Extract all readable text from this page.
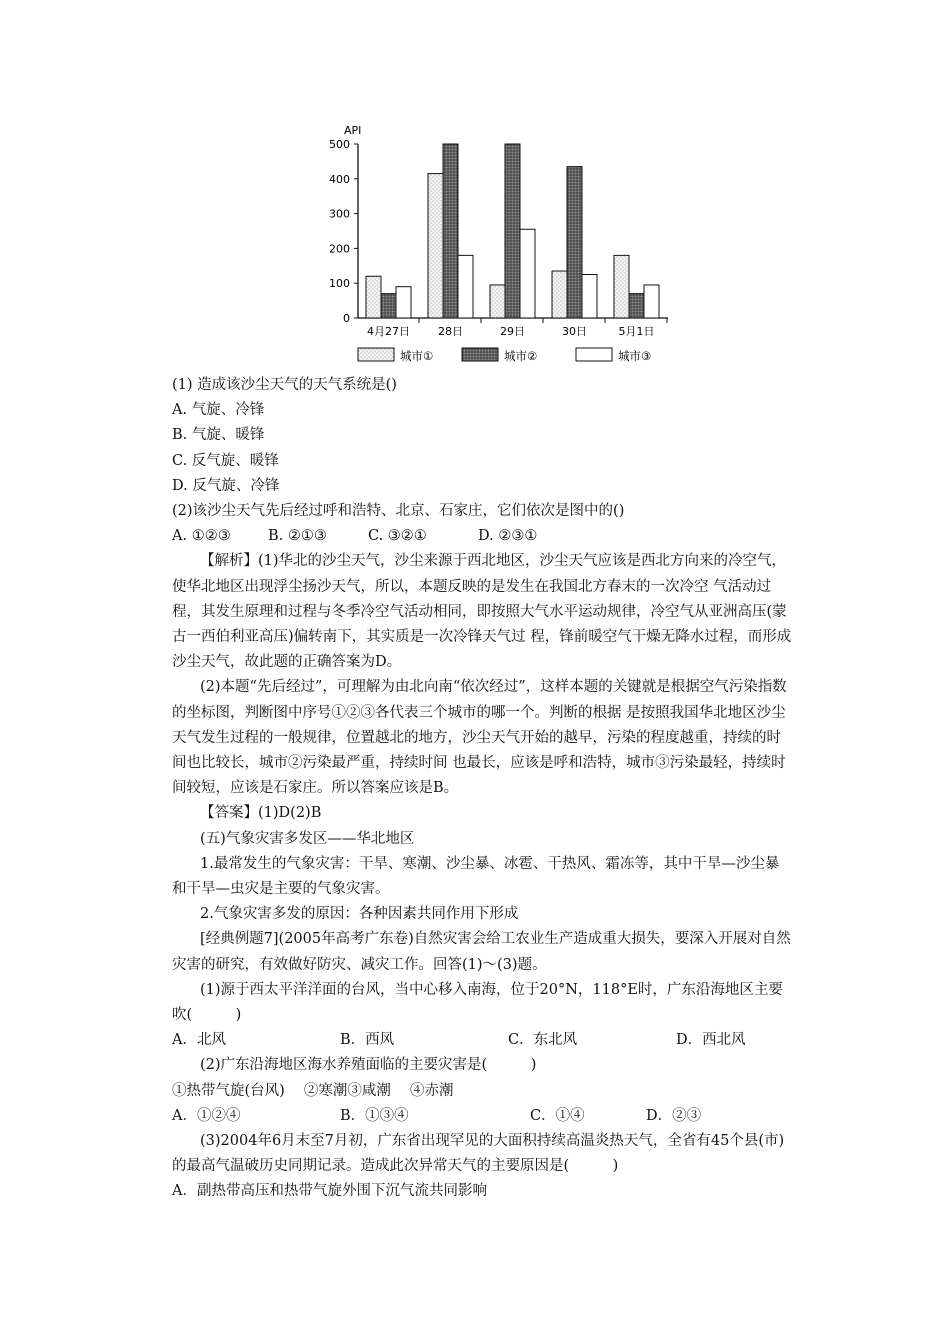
API
0
100
200
300
400
500
4月27日	28日	29日	30日	5月1日
城市①	城市②	城市③
(1) 造成该沙尘天气的天气系统是()
A. 气旋、冷锋
B. 气旋、暖锋
C. 反气旋、暖锋
D. 反气旋、冷锋
(2)该沙尘天气先后经过呼和浩特、北京、石家庄，它们依次是图中的()
A. ①②③	B. ②①③	C. ③②①	D. ②③①
【解析】(1)华北的沙尘天气，沙尘来源于西北地区，沙尘天气应该是西北方向来的冷空气，使华北地区出现浮尘扬沙天气，所以，本题反映的是发生在我国北方春末的一次冷空 气活动过程，其发生原理和过程与冬季冷空气活动相同，即按照大气水平运动规律，冷空气从亚洲高压(蒙古一西伯利亚高压)偏转南下，其实质是一次冷锋天气过 程，锋前暖空气干燥无降水过程，而形成沙尘天气，故此题的正确答案为D。
(2)本题“先后经过”，可理解为由北向南“依次经过”，这样本题的关键就是根据空气污染指数的坐标图，判断图中序号①②③各代表三个城市的哪一个。判断的根据 是按照我国华北地区沙尘天气发生过程的一般规律，位置越北的地方，沙尘天气开始的越早，污染的程度越重，持续的时间也比较长，城市②污染最严重，持续时间 也最长，应该是呼和浩特，城市③污染最轻，持续时间较短，应该是石家庄。所以答案应该是B。
【答案】(1)D(2)B
(五)气象灾害多发区——华北地区
1.最常发生的气象灾害：干旱、寒潮、沙尘暴、冰雹、干热风、霜冻等，其中干旱—沙尘暴和干旱—虫灾是主要的气象灾害。
2.气象灾害多发的原因：各种因素共同作用下形成
[经典例题7](2005年高考广东卷)自然灾害会给工农业生产造成重大损失，要深入开展对自然灾害的研究，有效做好防灾、减灾工作。回答(1)～(3)题。
(1)源于西太平洋洋面的台风，当中心移入南海，位于20°N，118°E时，广东沿海地区主要吹(　　　)
A．北风	B．西风	C．东北风	D．西北风
(2)广东沿海地区海水养殖面临的主要灾害是(　　　)
①热带气旋(台风)　 ②寒潮③咸潮　 ④赤潮
A．①②④	B．①③④	C．①④	D．②③
(3)2004年6月末至7月初，广东省出现罕见的大面积持续高温炎热天气，全省有45个县(市)的最高气温破历史同期记录。造成此次异常天气的主要原因是(　　　)
A．副热带高压和热带气旋外围下沉气流共同影响
